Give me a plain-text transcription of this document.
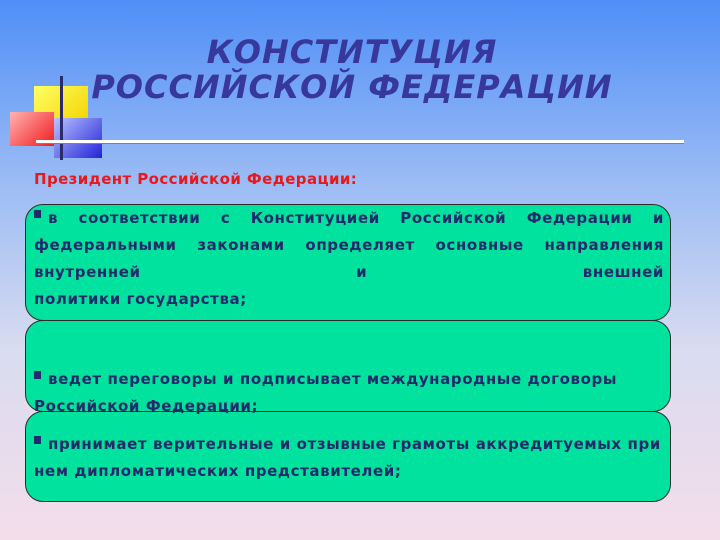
КОНСТИТУЦИЯ
РОССИЙСКОЙ ФЕДЕРАЦИИ
Президент Российской Федерации:

в соответствии с Конституцией Российской Федерации и федеральными законами определяет основные направления внутренней и внешней
политики государства;

ведет переговоры и подписывает международные договоры Российской Федерации;

принимает верительные и отзывные грамоты аккредитуемых при нем дипломатических представителей;
